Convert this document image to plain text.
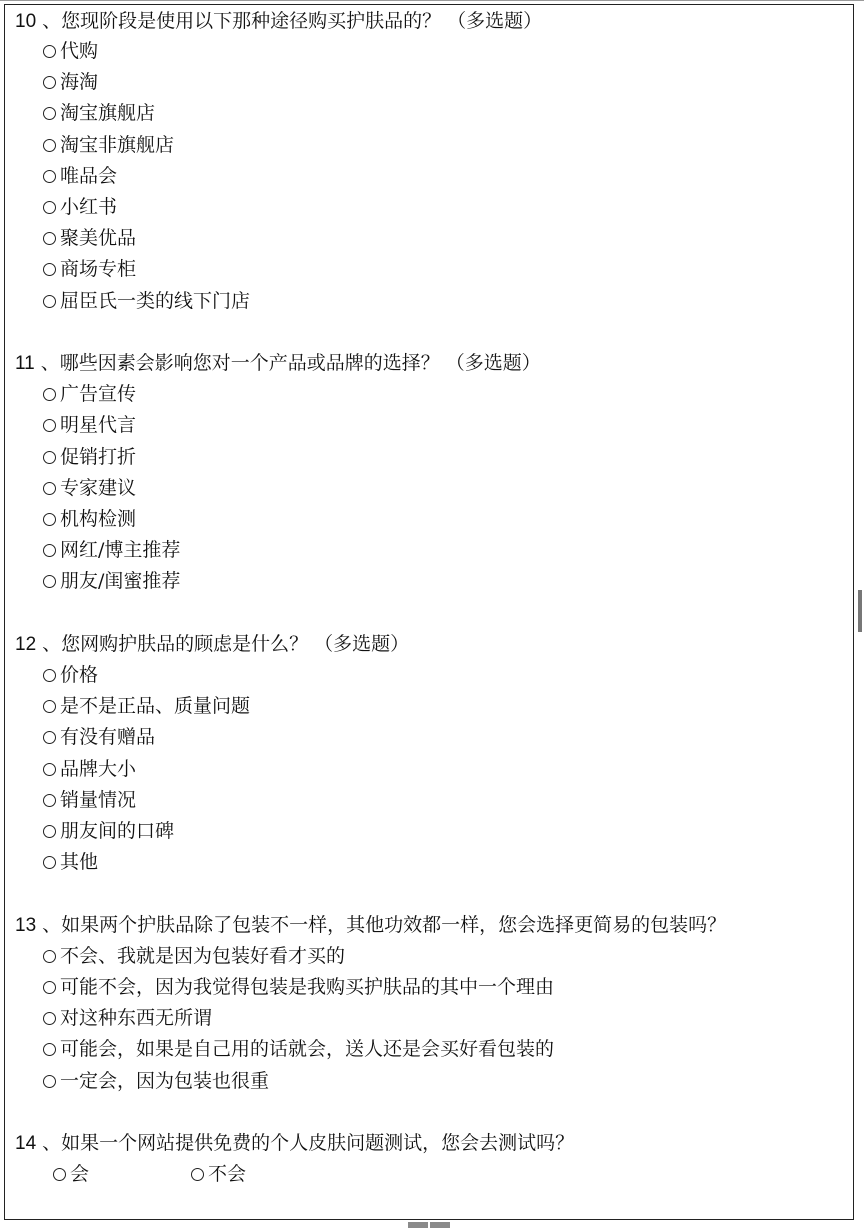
10 、您现阶段是使用以下那种途径购买护肤品的？ （多选题）
代购
海淘
淘宝旗舰店
淘宝非旗舰店
唯品会
小红书
聚美优品
商场专柜
屈臣氏一类的线下门店
11 、哪些因素会影响您对一个产品或品牌的选择？ （多选题）
广告宣传
明星代言
促销打折
专家建议
机构检测
网红/博主推荐
朋友/闺蜜推荐
12 、您网购护肤品的顾虑是什么？ （多选题）
价格
是不是正品、质量问题
有没有赠品
品牌大小
销量情况
朋友间的口碑
其他
13 、如果两个护肤品除了包装不一样，其他功效都一样，您会选择更简易的包装吗？
不会、我就是因为包装好看才买的
可能不会，因为我觉得包装是我购买护肤品的其中一个理由
对这种东西无所谓
可能会，如果是自己用的话就会，送人还是会买好看包装的
一定会，因为包装也很重
14 、如果一个网站提供免费的个人皮肤问题测试，您会去测试吗？
会	不会
